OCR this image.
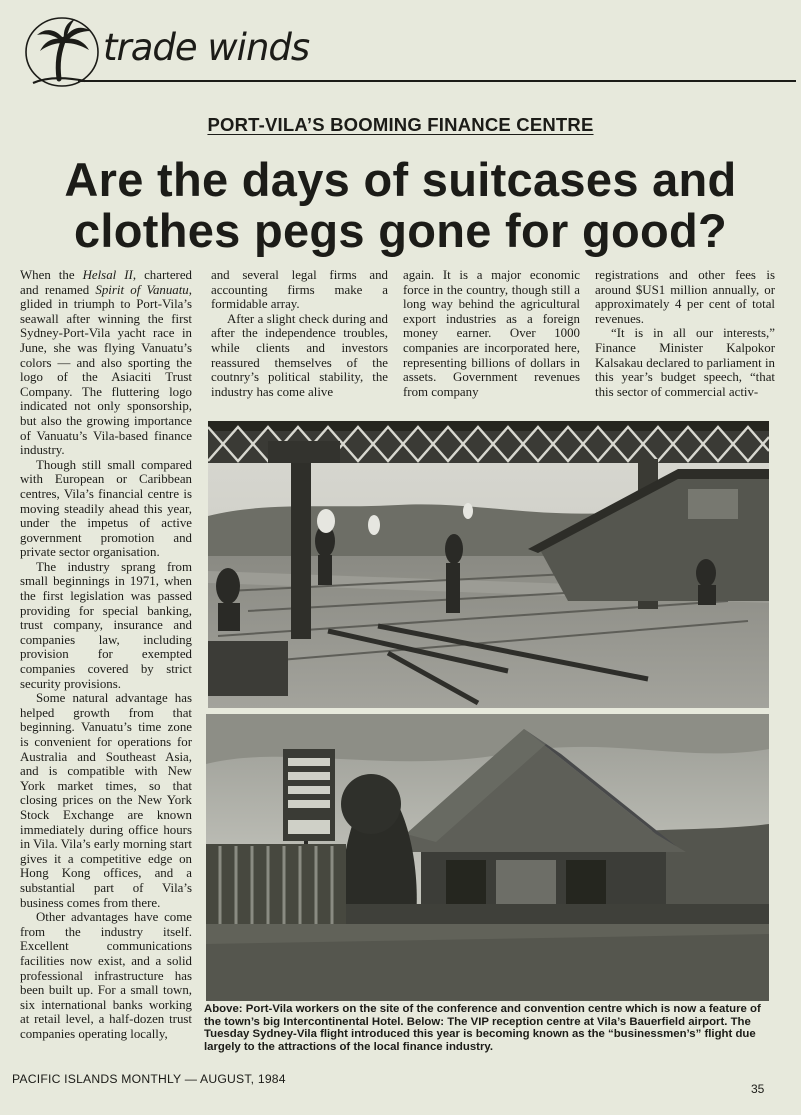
trade winds
PORT-VILA’S BOOMING FINANCE CENTRE
Are the days of suitcases and
clothes pegs gone for good?

When the Helsal II, chartered and renamed Spirit of Vanuatu, glided in triumph to Port-Vila’s seawall after winning the first Sydney-Port-Vila yacht race in June, she was flying Vanuatu’s colors — and also sporting the logo of the Asiaciti Trust Company. The fluttering logo indicated not only sponsorship, but also the growing importance of Vanuatu’s Vila-based finance industry.

Though still small compared with European or Caribbean centres, Vila’s financial centre is moving steadily ahead this year, under the impetus of active government promotion and private sector organisation.

The industry sprang from small beginnings in 1971, when the first legislation was passed providing for special banking, trust company, insurance and companies law, including provision for exempted companies covered by strict security provisions.

Some natural advantage has helped growth from that beginning. Vanuatu’s time zone is convenient for operations for Australia and Southeast Asia, and is compatible with New York market times, so that closing prices on the New York Stock Exchange are known immediately during office hours in Vila. Vila’s early morning start gives it a competitive edge on Hong Kong offices, and a substantial part of Vila’s business comes from there.

Other advantages have come from the industry itself. Excellent communications facilities now exist, and a solid professional infrastructure has been built up. For a small town, six international banks working at retail level, a half-dozen trust companies operating locally,

and several legal firms and accounting firms make a formidable array.

After a slight check during and after the independence troubles, while clients and investors reassured themselves of the coutnry’s political stability, the industry has come alive

again. It is a major economic force in the country, though still a long way behind the agricultural export industries as a foreign money earner. Over 1000 companies are incorporated here, representing billions of dollars in assets. Government revenues from company

registrations and other fees is around $US1 million annually, or approximately 4 per cent of total revenues.

“It is in all our interests,” Finance Minister Kalpokor Kalsakau declared to parliament in this year’s budget speech, “that this sector of commercial activ-

Above: Port-Vila workers on the site of the conference and convention centre which is now a feature of the town’s big Intercontinental Hotel. Below: The VIP reception centre at Vila’s Bauerfield airport. The Tuesday Sydney-Vila flight introduced this year is becoming known as the “businessmen’s” flight due largely to the attractions of the local finance industry.
PACIFIC ISLANDS MONTHLY — AUGUST, 1984
35
